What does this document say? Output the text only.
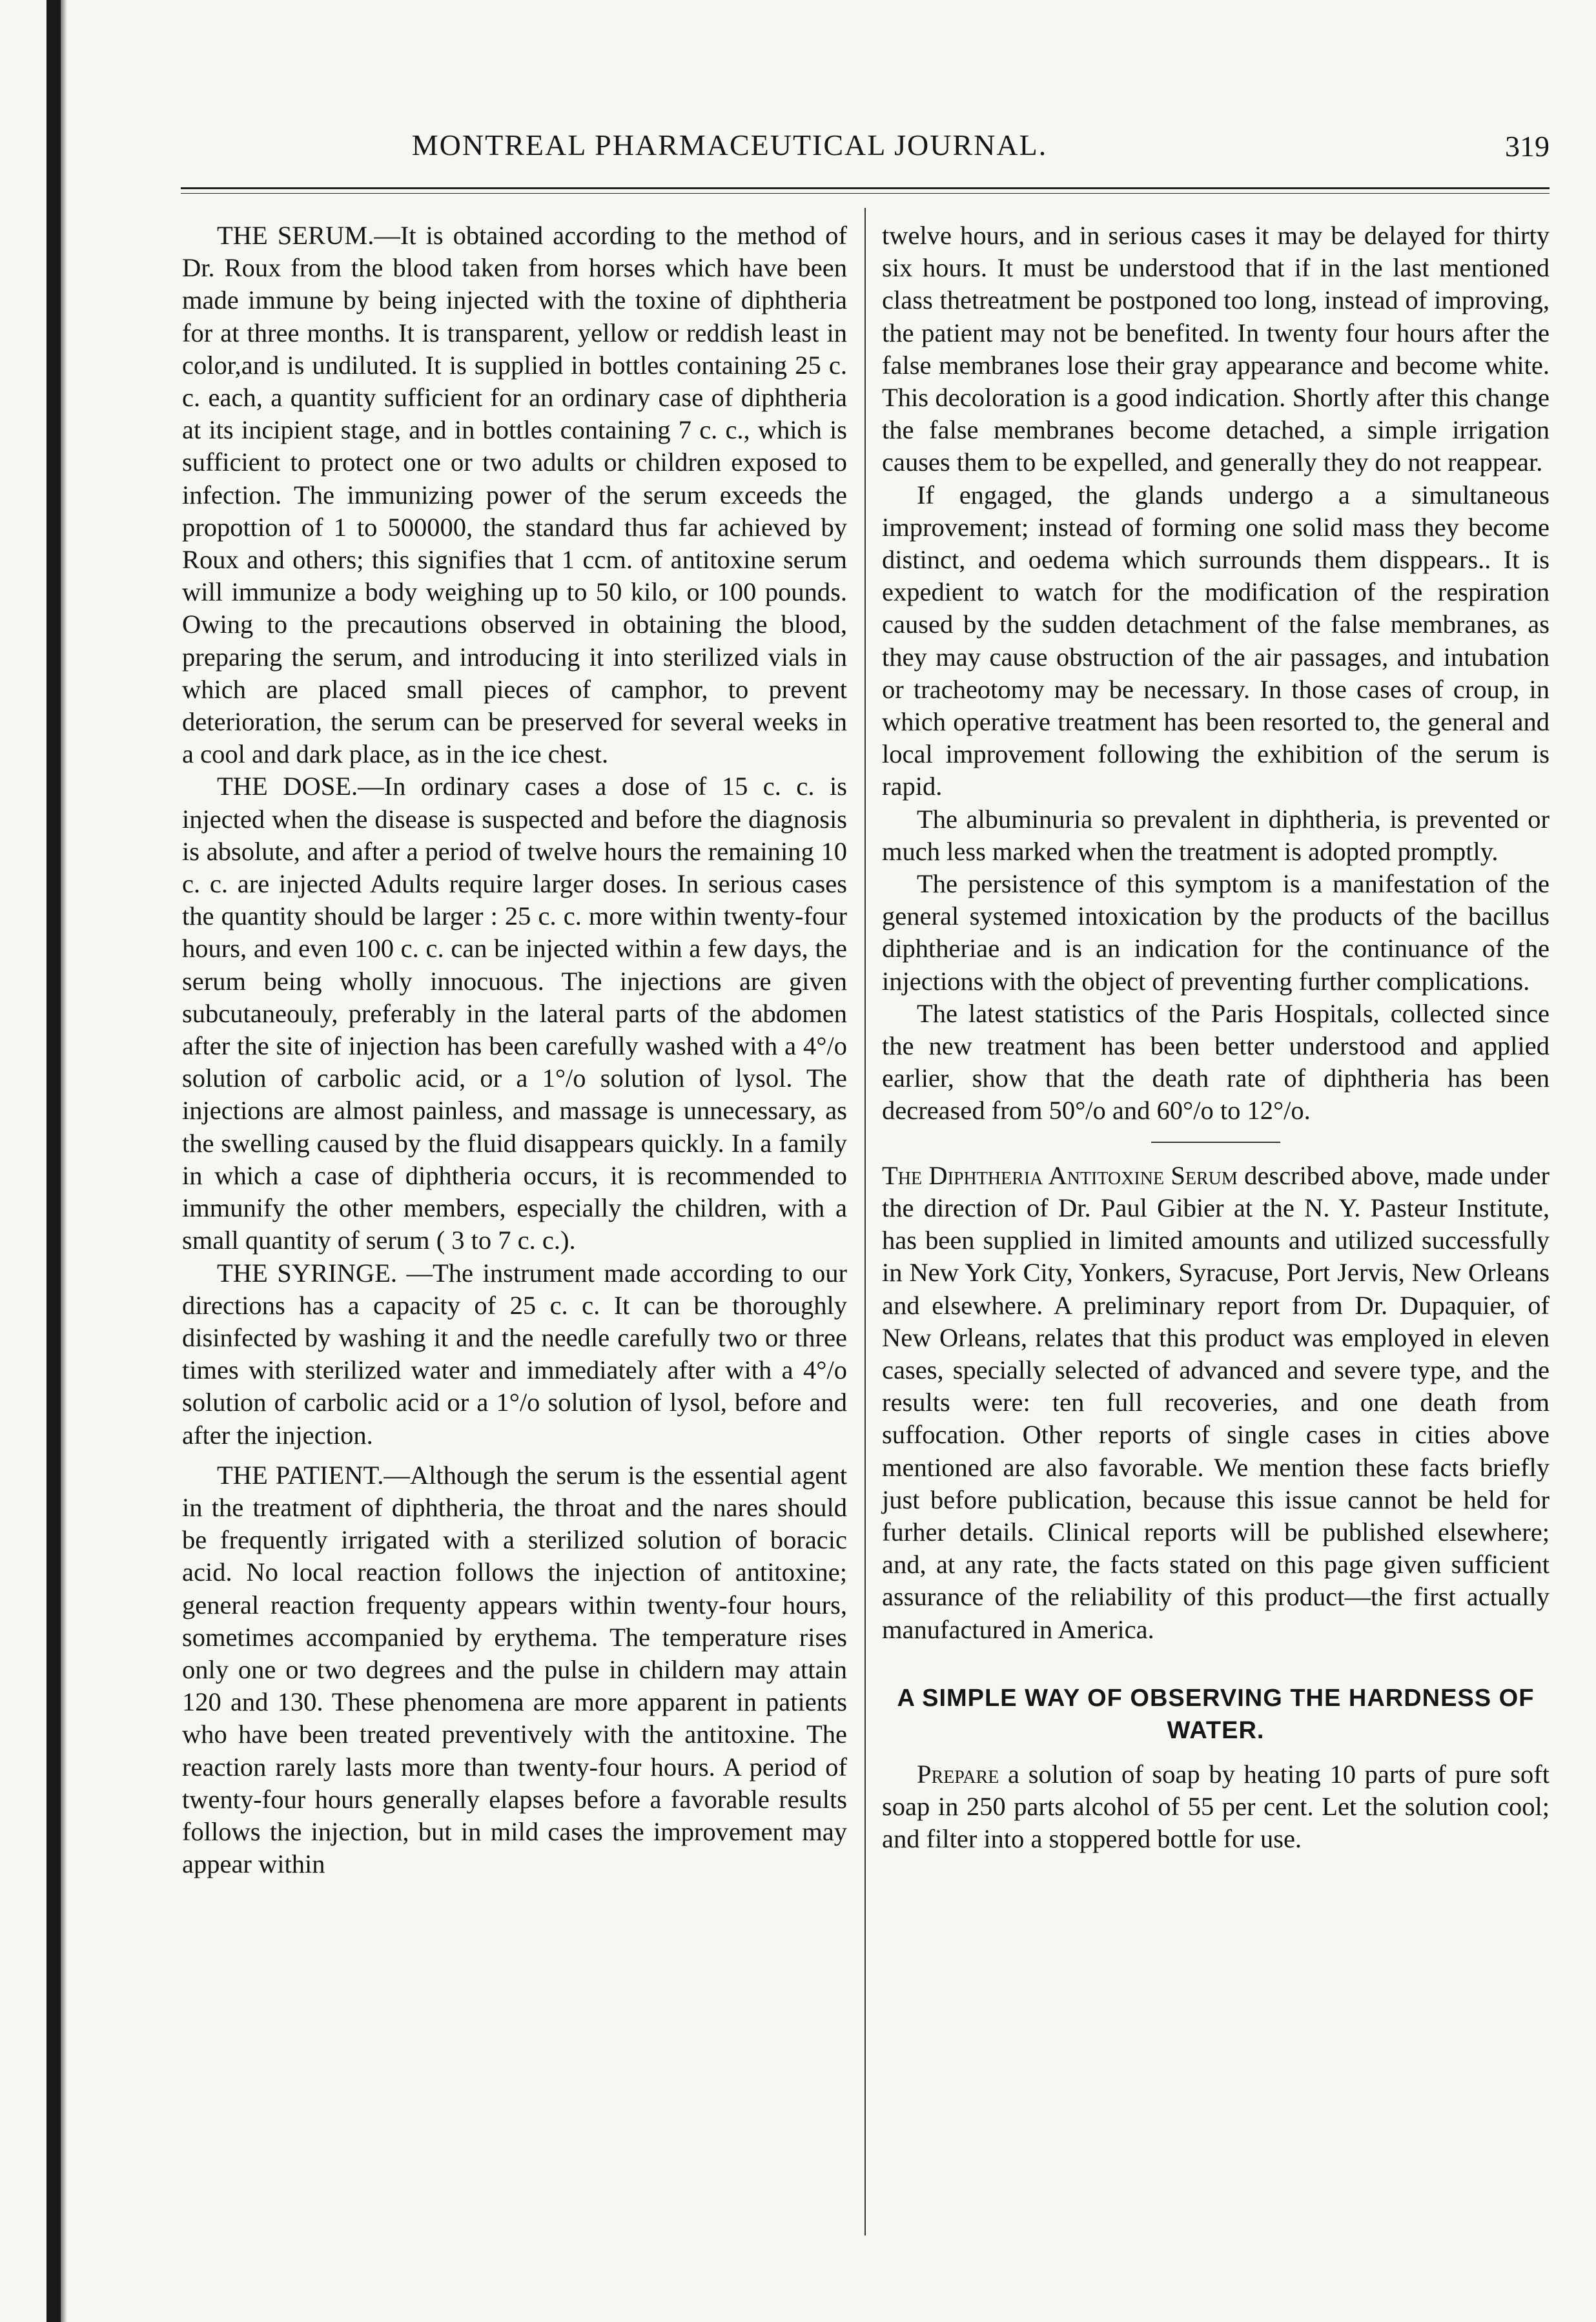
MONTREAL PHARMACEUTICAL JOURNAL.	319

THE SERUM.—It is obtained according to the method of Dr. Roux from the blood taken from horses which have been made immune by being injected with the toxine of diphtheria for at three months. It is transparent, yellow or reddish least in color,and is undiluted. It is supplied in bottles containing 25 c. c. each, a quantity sufficient for an ordinary case of diphtheria at its incipient stage, and in bottles containing 7 c. c., which is sufficient to protect one or two adults or children exposed to infection. The immunizing power of the serum exceeds the propottion of 1 to 500000, the standard thus far achieved by Roux and others; this signifies that 1 ccm. of antitoxine serum will immunize a body weighing up to 50 kilo, or 100 pounds. Owing to the precautions observed in obtaining the blood, preparing the serum, and introducing it into sterilized vials in which are placed small pieces of camphor, to prevent deterioration, the serum can be preserved for several weeks in a cool and dark place, as in the ice chest.

THE DOSE.—In ordinary cases a dose of 15 c. c. is injected when the disease is suspected and before the diagnosis is absolute, and after a period of twelve hours the remaining 10 c. c. are injected Adults require larger doses. In serious cases the quantity should be larger : 25 c. c. more within twenty-four hours, and even 100 c. c. can be injected within a few days, the serum being wholly innocuous. The injections are given subcutaneouly, preferably in the lateral parts of the abdomen after the site of injection has been carefully washed with a 4°/o solution of carbolic acid, or a 1°/o solution of lysol. The injections are almost painless, and massage is unnecessary, as the swelling caused by the fluid disappears quickly. In a family in which a case of diphtheria occurs, it is recommended to immunify the other members, especially the children, with a small quantity of serum ( 3 to 7 c. c.).

THE SYRINGE. —The instrument made according to our directions has a capacity of 25 c. c. It can be thoroughly disinfected by washing it and the needle carefully two or three times with sterilized water and immediately after with a 4°/o solution of carbolic acid or a 1°/o solution of lysol, before and after the injection.

THE PATIENT.—Although the serum is the essential agent in the treatment of diphtheria, the throat and the nares should be frequently irrigated with a sterilized solution of boracic acid. No local reaction follows the injection of antitoxine; general reaction frequenty appears within twenty-four hours, sometimes accompanied by erythema. The temperature rises only one or two degrees and the pulse in childern may attain 120 and 130. These phenomena are more apparent in patients who have been treated preventively with the antitoxine. The reaction rarely lasts more than twenty-four hours. A period of twenty-four hours generally elapses before a favorable results follows the injection, but in mild cases the improvement may appear within

twelve hours, and in serious cases it may be delayed for thirty six hours. It must be understood that if in the last mentioned class thetreatment be postponed too long, instead of improving, the patient may not be benefited. In twenty four hours after the false membranes lose their gray appearance and become white. This decoloration is a good indication. Shortly after this change the false membranes become detached, a simple irrigation causes them to be expelled, and generally they do not reappear.

If engaged, the glands undergo a a simultaneous improvement; instead of forming one solid mass they become distinct, and oedema which surrounds them disppears.. It is expedient to watch for the modification of the respiration caused by the sudden detachment of the false membranes, as they may cause obstruction of the air passages, and intubation or tracheotomy may be necessary. In those cases of croup, in which operative treatment has been resorted to, the general and local improvement following the exhibition of the serum is rapid.

The albuminuria so prevalent in diphtheria, is prevented or much less marked when the treatment is adopted promptly.

The persistence of this symptom is a manifestation of the general systemed intoxication by the products of the bacillus diphtheriae and is an indication for the continuance of the injections with the object of preventing further complications.

The latest statistics of the Paris Hospitals, collected since the new treatment has been better understood and applied earlier, show that the death rate of diphtheria has been decreased from 50°/o and 60°/o to 12°/o.

The Diphtheria Antitoxine Serum described above, made under the direction of Dr. Paul Gibier at the N. Y. Pasteur Institute, has been supplied in limited amounts and utilized successfully in New York City, Yonkers, Syracuse, Port Jervis, New Orleans and elsewhere. A preliminary report from Dr. Dupaquier, of New Orleans, relates that this product was employed in eleven cases, specially selected of advanced and severe type, and the results were: ten full recoveries, and one death from suffocation. Other reports of single cases in cities above mentioned are also favorable. We mention these facts briefly just before publication, because this issue cannot be held for furher details. Clinical reports will be published elsewhere; and, at any rate, the facts stated on this page given sufficient assurance of the reliability of this product—the first actually manufactured in America.

A SIMPLE WAY OF OBSERVING THE HARDNESS OF WATER.

Prepare a solution of soap by heating 10 parts of pure soft soap in 250 parts alcohol of 55 per cent. Let the solution cool; and filter into a stoppered bottle for use.
